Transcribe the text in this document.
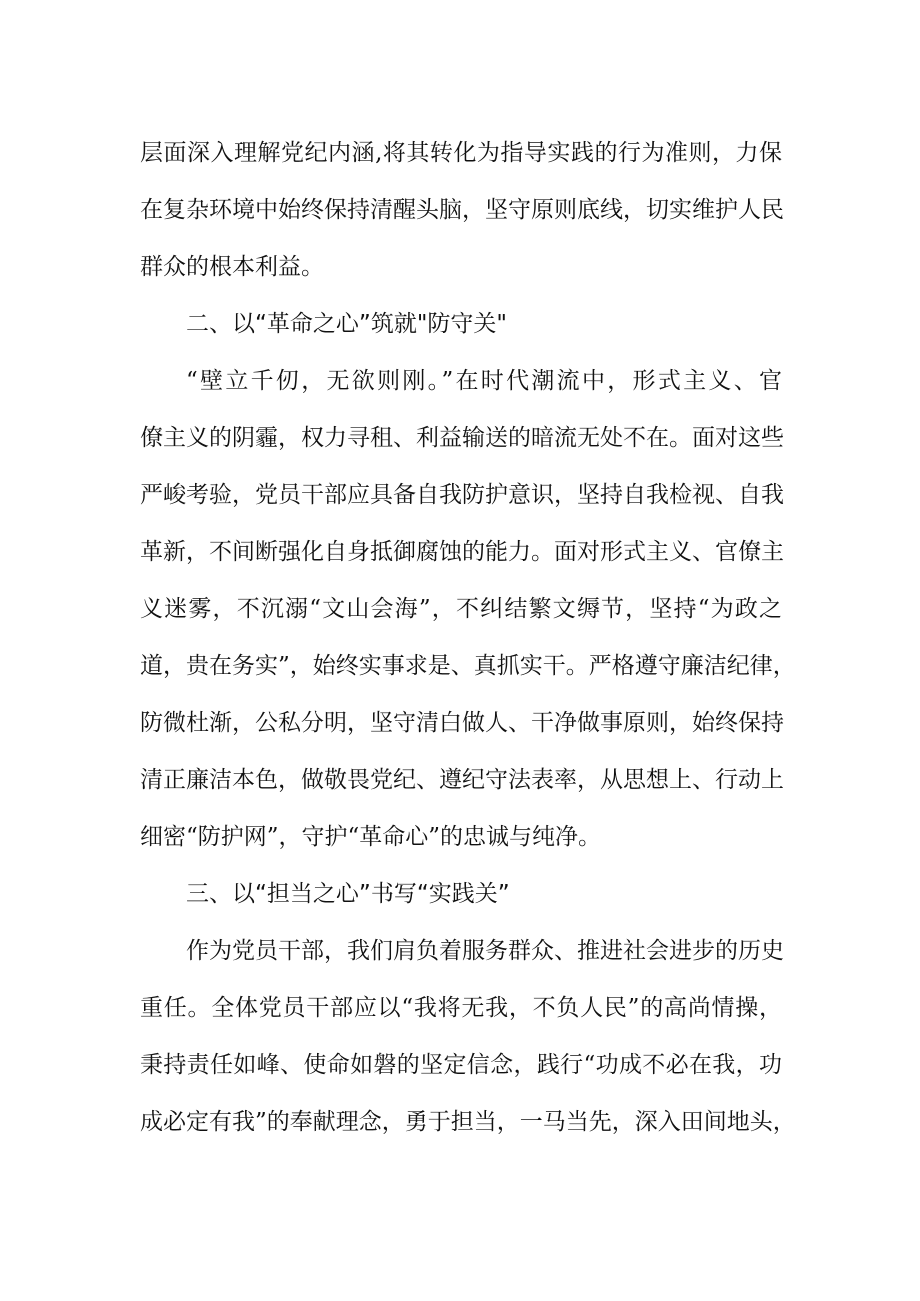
层面深入理解党纪内涵,将其转化为指导实践的行为准则，力保
在复杂环境中始终保持清醒头脑，坚守原则底线，切实维护人民
群众的根本利益。
二、以“革命之心”筑就"防守关"
“壁立千仞，无欲则刚。”在时代潮流中，形式主义、官
僚主义的阴霾，权力寻租、利益输送的暗流无处不在。面对这些
严峻考验，党员干部应具备自我防护意识，坚持自我检视、自我
革新，不间断强化自身抵御腐蚀的能力。面对形式主义、官僚主
义迷雾，不沉溺“文山会海”，不纠结繁文缛节，坚持“为政之
道，贵在务实”，始终实事求是、真抓实干。严格遵守廉洁纪律，
防微杜渐，公私分明，坚守清白做人、干净做事原则，始终保持
清正廉洁本色，做敬畏党纪、遵纪守法表率，从思想上、行动上
细密“防护网”，守护“革命心”的忠诚与纯净。
三、以“担当之心”书写“实践关”
作为党员干部，我们肩负着服务群众、推进社会进步的历史
重任。全体党员干部应以“我将无我，不负人民”的高尚情操，
秉持责任如峰、使命如磐的坚定信念，践行“功成不必在我，功
成必定有我”的奉献理念，勇于担当，一马当先，深入田间地头，
